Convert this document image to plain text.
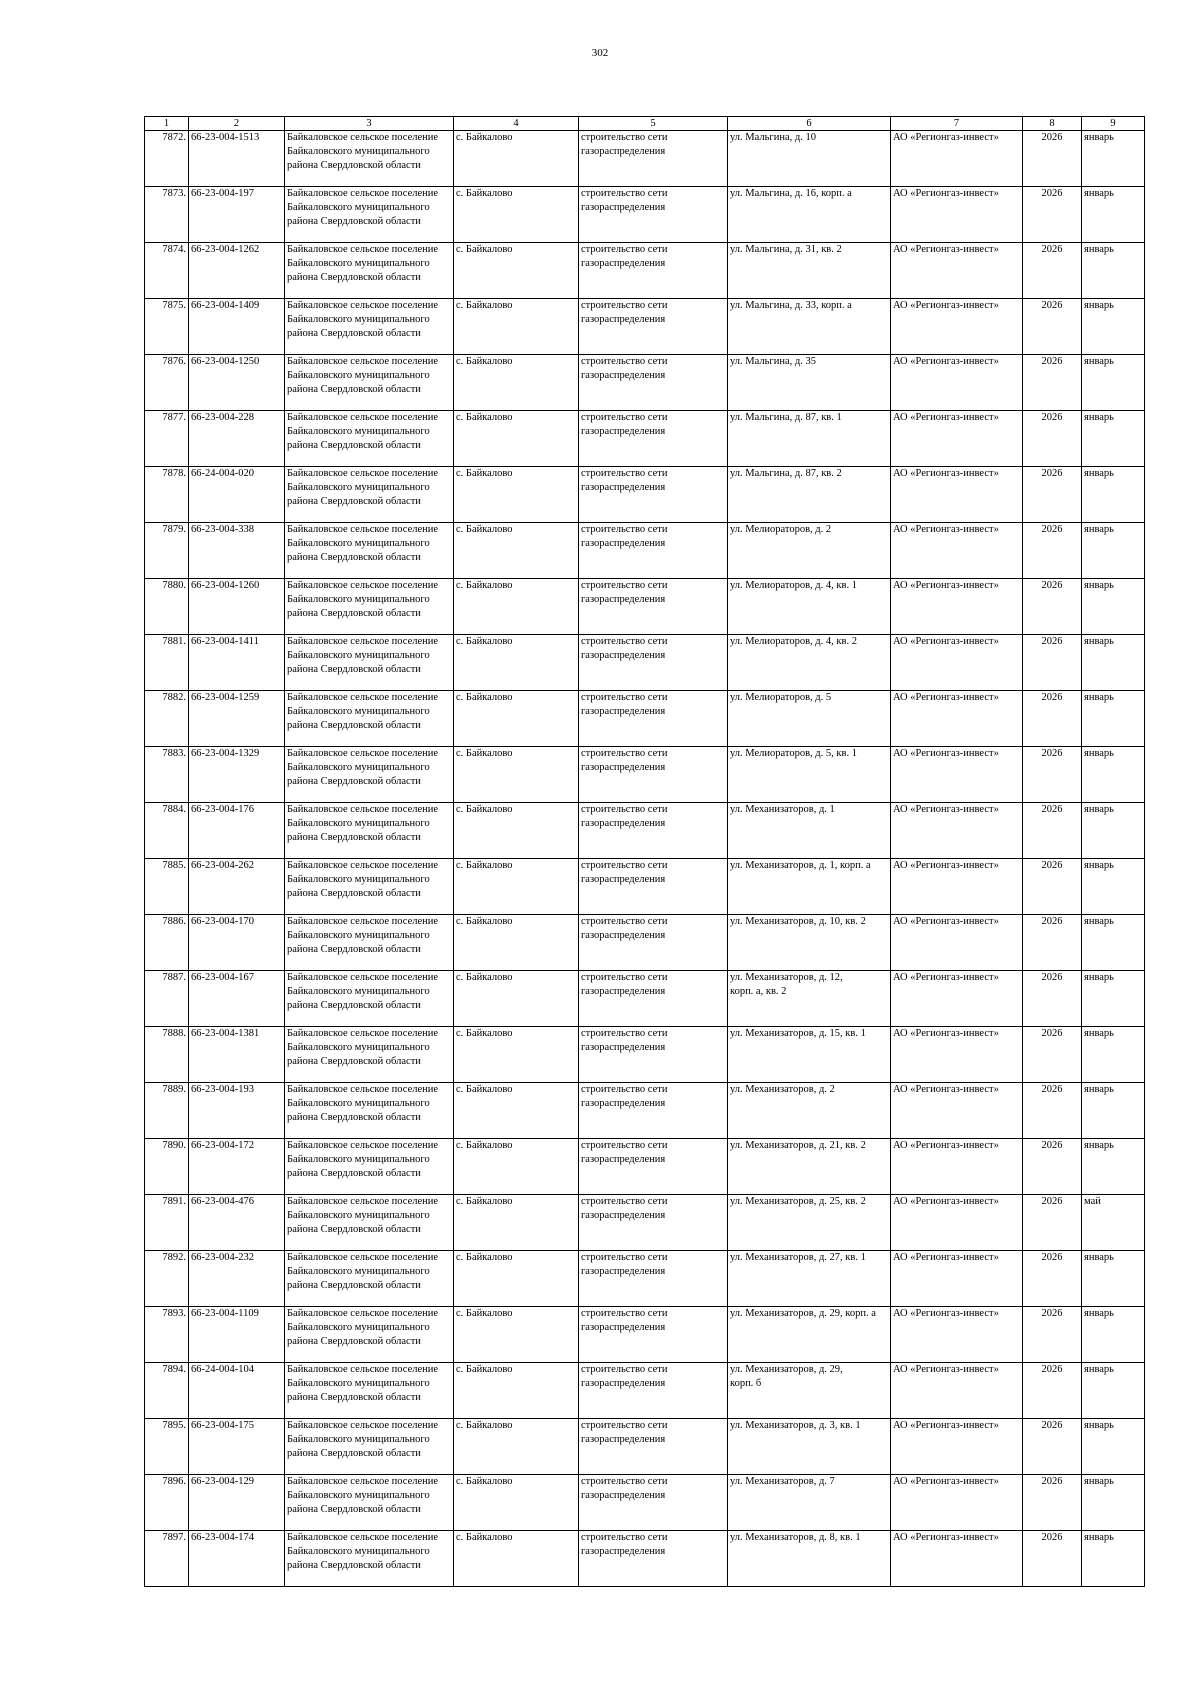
302
1	2	3	4	5	6	7	8	9
7872.	66-23-004-1513	Байкаловское сельское поселение
Байкаловского муниципального
района Свердловской области	с. Байкалово	строительство сети
газораспределения	ул. Мальгина, д. 10	АО «Регионгаз-инвест»	2026	январь
7873.	66-23-004-197	Байкаловское сельское поселение
Байкаловского муниципального
района Свердловской области	с. Байкалово	строительство сети
газораспределения	ул. Мальгина, д. 16, корп. а	АО «Регионгаз-инвест»	2026	январь
7874.	66-23-004-1262	Байкаловское сельское поселение
Байкаловского муниципального
района Свердловской области	с. Байкалово	строительство сети
газораспределения	ул. Мальгина, д. 31, кв. 2	АО «Регионгаз-инвест»	2026	январь
7875.	66-23-004-1409	Байкаловское сельское поселение
Байкаловского муниципального
района Свердловской области	с. Байкалово	строительство сети
газораспределения	ул. Мальгина, д. 33, корп. а	АО «Регионгаз-инвест»	2026	январь
7876.	66-23-004-1250	Байкаловское сельское поселение
Байкаловского муниципального
района Свердловской области	с. Байкалово	строительство сети
газораспределения	ул. Мальгина, д. 35	АО «Регионгаз-инвест»	2026	январь
7877.	66-23-004-228	Байкаловское сельское поселение
Байкаловского муниципального
района Свердловской области	с. Байкалово	строительство сети
газораспределения	ул. Мальгина, д. 87, кв. 1	АО «Регионгаз-инвест»	2026	январь
7878.	66-24-004-020	Байкаловское сельское поселение
Байкаловского муниципального
района Свердловской области	с. Байкалово	строительство сети
газораспределения	ул. Мальгина, д. 87, кв. 2	АО «Регионгаз-инвест»	2026	январь
7879.	66-23-004-338	Байкаловское сельское поселение
Байкаловского муниципального
района Свердловской области	с. Байкалово	строительство сети
газораспределения	ул. Мелиораторов, д. 2	АО «Регионгаз-инвест»	2026	январь
7880.	66-23-004-1260	Байкаловское сельское поселение
Байкаловского муниципального
района Свердловской области	с. Байкалово	строительство сети
газораспределения	ул. Мелиораторов, д. 4, кв. 1	АО «Регионгаз-инвест»	2026	январь
7881.	66-23-004-1411	Байкаловское сельское поселение
Байкаловского муниципального
района Свердловской области	с. Байкалово	строительство сети
газораспределения	ул. Мелиораторов, д. 4, кв. 2	АО «Регионгаз-инвест»	2026	январь
7882.	66-23-004-1259	Байкаловское сельское поселение
Байкаловского муниципального
района Свердловской области	с. Байкалово	строительство сети
газораспределения	ул. Мелиораторов, д. 5	АО «Регионгаз-инвест»	2026	январь
7883.	66-23-004-1329	Байкаловское сельское поселение
Байкаловского муниципального
района Свердловской области	с. Байкалово	строительство сети
газораспределения	ул. Мелиораторов, д. 5, кв. 1	АО «Регионгаз-инвест»	2026	январь
7884.	66-23-004-176	Байкаловское сельское поселение
Байкаловского муниципального
района Свердловской области	с. Байкалово	строительство сети
газораспределения	ул. Механизаторов, д. 1	АО «Регионгаз-инвест»	2026	январь
7885.	66-23-004-262	Байкаловское сельское поселение
Байкаловского муниципального
района Свердловской области	с. Байкалово	строительство сети
газораспределения	ул. Механизаторов, д. 1, корп. а	АО «Регионгаз-инвест»	2026	январь
7886.	66-23-004-170	Байкаловское сельское поселение
Байкаловского муниципального
района Свердловской области	с. Байкалово	строительство сети
газораспределения	ул. Механизаторов, д. 10, кв. 2	АО «Регионгаз-инвест»	2026	январь
7887.	66-23-004-167	Байкаловское сельское поселение
Байкаловского муниципального
района Свердловской области	с. Байкалово	строительство сети
газораспределения	ул. Механизаторов, д. 12,
корп. а, кв. 2	АО «Регионгаз-инвест»	2026	январь
7888.	66-23-004-1381	Байкаловское сельское поселение
Байкаловского муниципального
района Свердловской области	с. Байкалово	строительство сети
газораспределения	ул. Механизаторов, д. 15, кв. 1	АО «Регионгаз-инвест»	2026	январь
7889.	66-23-004-193	Байкаловское сельское поселение
Байкаловского муниципального
района Свердловской области	с. Байкалово	строительство сети
газораспределения	ул. Механизаторов, д. 2	АО «Регионгаз-инвест»	2026	январь
7890.	66-23-004-172	Байкаловское сельское поселение
Байкаловского муниципального
района Свердловской области	с. Байкалово	строительство сети
газораспределения	ул. Механизаторов, д. 21, кв. 2	АО «Регионгаз-инвест»	2026	январь
7891.	66-23-004-476	Байкаловское сельское поселение
Байкаловского муниципального
района Свердловской области	с. Байкалово	строительство сети
газораспределения	ул. Механизаторов, д. 25, кв. 2	АО «Регионгаз-инвест»	2026	май
7892.	66-23-004-232	Байкаловское сельское поселение
Байкаловского муниципального
района Свердловской области	с. Байкалово	строительство сети
газораспределения	ул. Механизаторов, д. 27, кв. 1	АО «Регионгаз-инвест»	2026	январь
7893.	66-23-004-1109	Байкаловское сельское поселение
Байкаловского муниципального
района Свердловской области	с. Байкалово	строительство сети
газораспределения	ул. Механизаторов, д. 29, корп. а	АО «Регионгаз-инвест»	2026	январь
7894.	66-24-004-104	Байкаловское сельское поселение
Байкаловского муниципального
района Свердловской области	с. Байкалово	строительство сети
газораспределения	ул. Механизаторов, д. 29,
корп. б	АО «Регионгаз-инвест»	2026	январь
7895.	66-23-004-175	Байкаловское сельское поселение
Байкаловского муниципального
района Свердловской области	с. Байкалово	строительство сети
газораспределения	ул. Механизаторов, д. 3, кв. 1	АО «Регионгаз-инвест»	2026	январь
7896.	66-23-004-129	Байкаловское сельское поселение
Байкаловского муниципального
района Свердловской области	с. Байкалово	строительство сети
газораспределения	ул. Механизаторов, д. 7	АО «Регионгаз-инвест»	2026	январь
7897.	66-23-004-174	Байкаловское сельское поселение
Байкаловского муниципального
района Свердловской области	с. Байкалово	строительство сети
газораспределения	ул. Механизаторов, д. 8, кв. 1	АО «Регионгаз-инвест»	2026	январь
